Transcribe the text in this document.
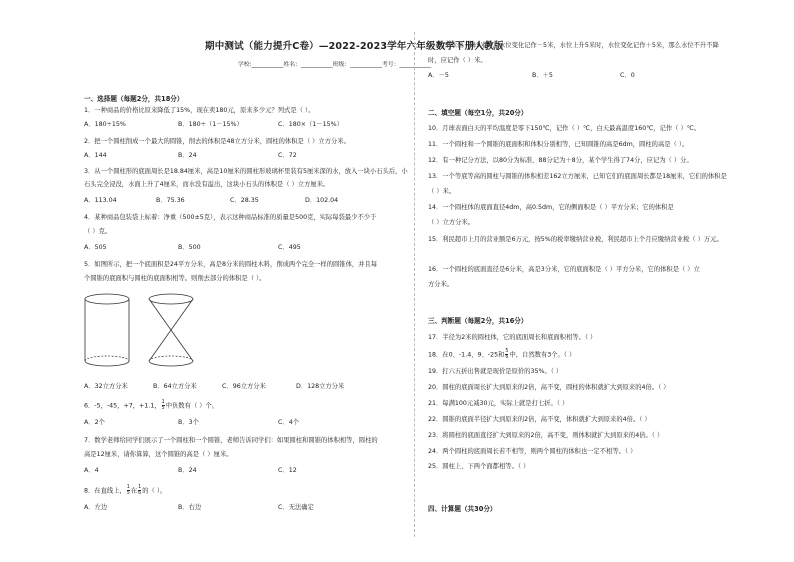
期中测试（能力提升C卷）—2022-2023学年六年级数学下册人教版
学校:___________姓名：___________班级：___________考号：___________
一、选择题（每题2分，共18分）
1．一种商品的价格比原来降低了15%，现在卖180元，原来多少元？列式是（ ）。
A．180÷15%	B．180÷（1－15%）	C．180×（1－15%）
2．把一个圆柱削成一个最大的圆锥，削去的体积是48立方分米，圆柱的体积是（ ）立方分米。
A．144	B．24	C．72
3．从一个圆柱形的底面周长是18.84厘米，高是10厘米的圆柱形玻璃杯里装有5厘米深的水，放入一块小石头后，小
石头完全浸没，水面上升了4厘米，而水没有溢出，这块小石头的体积是（ ）立方厘米。
A．113.04	B．75.36	C．28.35	D．102.04
4．某种商品包装袋上标着：净重（500±5克），表示这种商品标准的质量是500克，实际每袋最少不少于
（ ）克。
A．505	B．500	C．495
5．如图所示，把一个底面积是24平方分米，高是8分米的圆柱木料，削成两个完全一样的圆锥体，并且每
个圆锥的底面积与圆柱的底面积相等。则削去部分的体积是（ ）。
A．32立方分米	B．64立方分米	C．96立方分米	D．128立方分米
6．-5，-45，+7，+1.1， $\frac{1}{5}$ 中负数有（ ）个。
A．2个	B．3个	C．4个
7．数学老师给同学们展示了一个圆柱和一个圆锥，老师告诉同学们：如果圆柱和圆锥的体积相等，圆柱的
高是12厘米，请你算算，这个圆锥的高是（ ）厘米。
A．4	B．24	C．12
8．在直线上， $\frac{1}{5}$ 在 $\frac{1}{6}$ 的（ ）。
A．左边	B．右边	C．无法确定
9．如果水位下降5米时，水位变化记作－5米，水位上升5米时，水位变化记作＋5米，那么水位不升不降
时，应记作（ ）米。
A．－5	B．＋5	C．0
二、填空题（每空1分，共20分）
10．月球表面白天的平均温度是零下150℃，记作（ ）℃，白天最高温度160℃，记作（ ）℃。
11．一个圆柱和一个圆锥的底面积和体积分别相等，已知圆锥的高是6dm，圆柱的高是（ ）。
12．有一种记分方法，以80分为标准，88分记为＋8分，某个学生得了74分，应记为（ ）分。
13．一个等底等高的圆柱与圆锥的体积相差162立方厘米，已知它们的底面周长都是18厘米，它们的体积是
（ ）米。
14．一个圆柱体的底面直径4dm，高0.5dm，它的侧面积是（ ）平方分米；它的体积是
（ ）立方分米。
15．利民超市上月的营业额是6万元，按5%的税率缴纳营业税，利民超市上个月应缴纳营业税（ ）万元。
16．一个圆柱的底面直径是6分米，高是3分米，它的底面积是（ ）平方分米，它的体积是（ ）立
方分米。
三、判断题（每题2分，共16分）
17．半径为2米的圆柱体，它的底面周长和底面积相等。（ ）
18．在0、-1.4、9、-25和 $\frac{5}{6}$ 中，自然数有3个。（ ）
19．打六五折出售就是现价是原价的35%。（ ）
20．圆柱的底面周长扩大到原来的2倍，高不变，圆柱的体积就扩大到原来的4倍。（ ）
21．每满100元减30元，实际上就是打七折。（ ）
22．圆锥的底面半径扩大到原来的2倍，高不变，体积就扩大到原来的4倍。（ ）
23．将圆柱的底面直径扩大到原来的2倍，高不变，则体积就扩大到原来的4倍。（ ）
24．两个圆柱的底面周长若不相等，则两个圆柱的体积也一定不相等。（ ）
25．圆柱上、下两个面都相等。（ ）
四、计算题（共30分）
